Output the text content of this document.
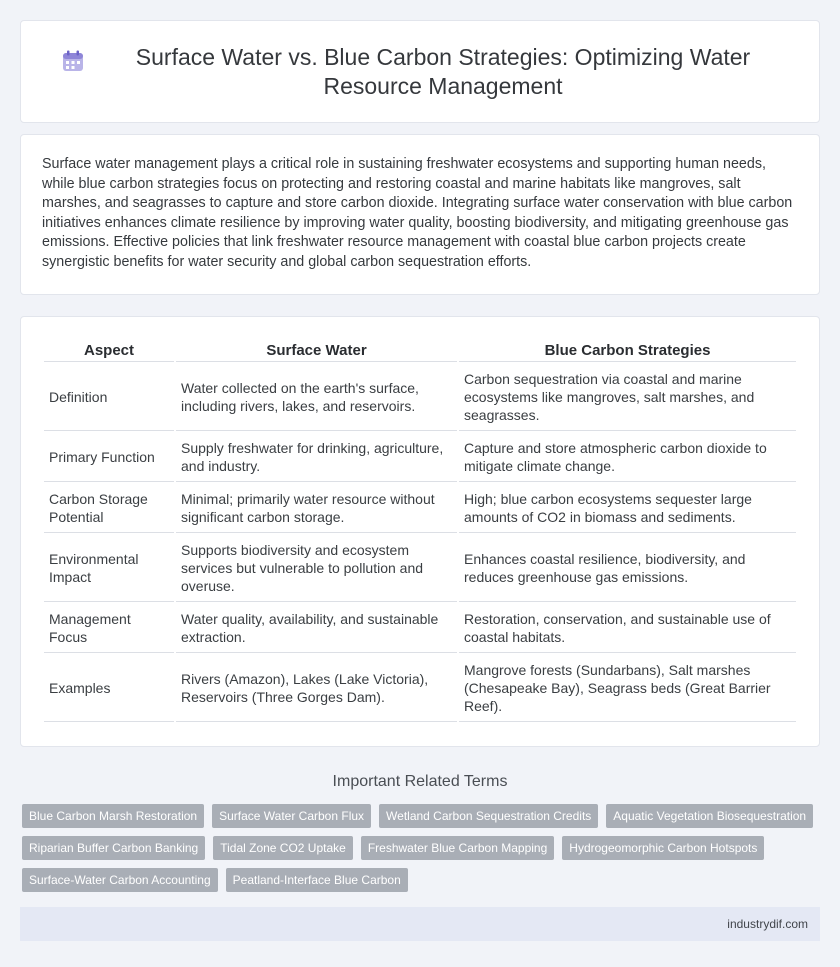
Surface Water vs. Blue Carbon Strategies: Optimizing Water Resource Management
Surface water management plays a critical role in sustaining freshwater ecosystems and supporting human needs, while blue carbon strategies focus on protecting and restoring coastal and marine habitats like mangroves, salt marshes, and seagrasses to capture and store carbon dioxide. Integrating surface water conservation with blue carbon initiatives enhances climate resilience by improving water quality, boosting biodiversity, and mitigating greenhouse gas emissions. Effective policies that link freshwater resource management with coastal blue carbon projects create synergistic benefits for water security and global carbon sequestration efforts.
Aspect	Surface Water	Blue Carbon Strategies
Definition	Water collected on the earth's surface, including rivers, lakes, and reservoirs.	Carbon sequestration via coastal and marine ecosystems like mangroves, salt marshes, and seagrasses.
Primary Function	Supply freshwater for drinking, agriculture, and industry.	Capture and store atmospheric carbon dioxide to mitigate climate change.
Carbon Storage Potential	Minimal; primarily water resource without significant carbon storage.	High; blue carbon ecosystems sequester large amounts of CO2 in biomass and sediments.
Environmental Impact	Supports biodiversity and ecosystem services but vulnerable to pollution and overuse.	Enhances coastal resilience, biodiversity, and reduces greenhouse gas emissions.
Management Focus	Water quality, availability, and sustainable extraction.	Restoration, conservation, and sustainable use of coastal habitats.
Examples	Rivers (Amazon), Lakes (Lake Victoria), Reservoirs (Three Gorges Dam).	Mangrove forests (Sundarbans), Salt marshes (Chesapeake Bay), Seagrass beds (Great Barrier Reef).
Important Related Terms
Blue Carbon Marsh Restoration	Surface Water Carbon Flux	Wetland Carbon Sequestration Credits	Aquatic Vegetation Biosequestration
Riparian Buffer Carbon Banking	Tidal Zone CO2 Uptake	Freshwater Blue Carbon Mapping	Hydrogeomorphic Carbon Hotspots
Surface-Water Carbon Accounting	Peatland-Interface Blue Carbon
industrydif.com
